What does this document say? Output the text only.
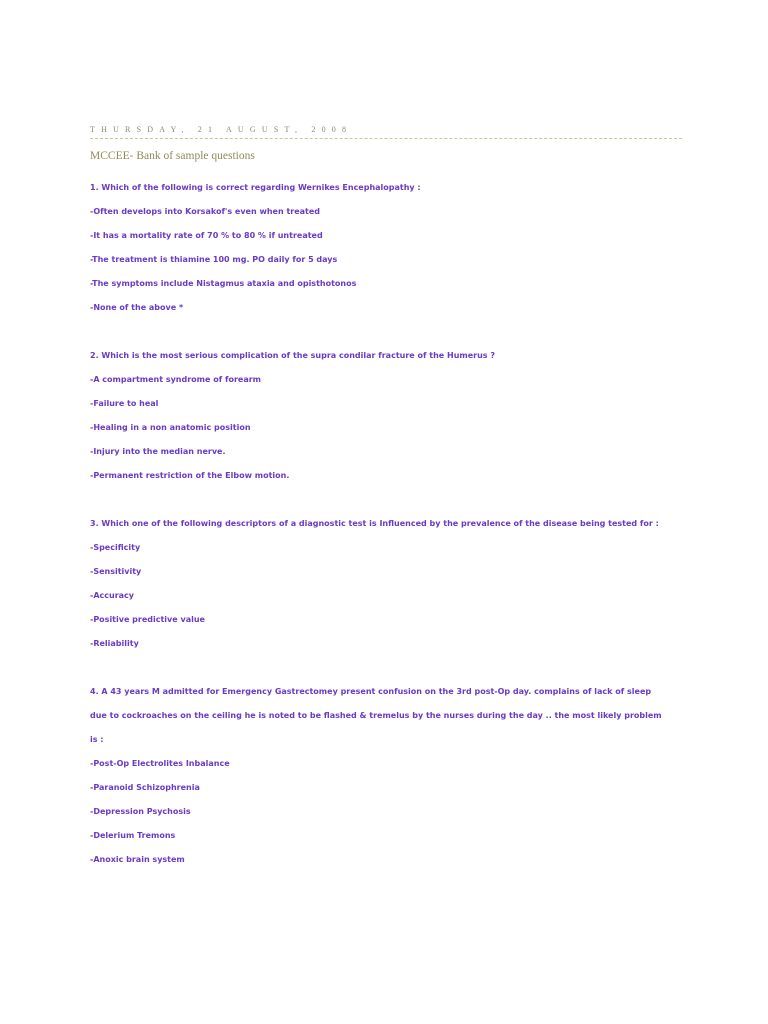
THURSDAY, 21 AUGUST, 2008
MCCEE- Bank of sample questions
1. Which of the following is correct regarding Wernikes Encephalopathy :
-Often develops into Korsakof's even when treated
-It has a mortality rate of 70 % to 80 % if untreated
-The treatment is thiamine 100 mg. PO daily for 5 days
-The symptoms include Nistagmus ataxia and opisthotonos
-None of the above *
2. Which is the most serious complication of the supra condilar fracture of the Humerus ?
-A compartment syndrome of forearm
-Failure to heal
-Healing in a non anatomic position
-Injury into the median nerve.
-Permanent restriction of the Elbow motion.
3. Which one of the following descriptors of a diagnostic test is Influenced by the prevalence of the disease being tested for :
-Specificity
-Sensitivity
-Accuracy
-Positive predictive value
-Reliability
4. A 43 years M admitted for Emergency Gastrectomey present confusion on the 3rd post-Op day. complains of lack of sleep
due to cockroaches on the ceiling he is noted to be flashed & tremelus by the nurses during the day .. the most likely problem
is :
-Post-Op Electrolites Inbalance
-Paranoid Schizophrenia
-Depression Psychosis
-Delerium Tremons
-Anoxic brain system
